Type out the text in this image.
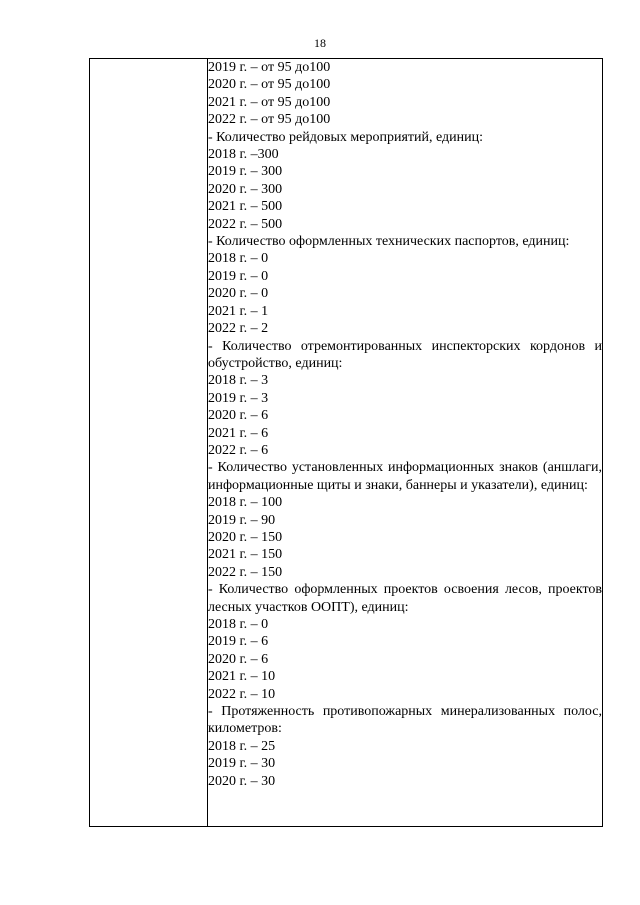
18

2019 г. – от 95 до100
2020 г. – от 95 до100
2021 г. – от 95 до100
2022 г. – от 95 до100
- Количество рейдовых мероприятий, единиц:
2018 г. –300
2019 г. – 300
2020 г. – 300
2021 г. – 500
2022 г. – 500
- Количество оформленных технических паспортов, единиц:
2018 г. – 0
2019 г. – 0
2020 г. – 0
2021 г. – 1
2022 г. – 2
- Количество отремонтированных инспекторских кордонов и обустройство, единиц:
2018 г. – 3
2019 г. – 3
2020 г. – 6
2021 г. – 6
2022 г. – 6
- Количество установленных информационных знаков (аншлаги, информационные щиты и знаки, баннеры и указатели), единиц:
2018 г. – 100
2019 г. – 90
2020 г. – 150
2021 г. – 150
2022 г. – 150
- Количество оформленных проектов освоения лесов, проектов лесных участков ООПТ), единиц:
2018 г. – 0
2019 г. – 6
2020 г. – 6
2021 г. – 10
2022 г. – 10
- Протяженность противопожарных минерализованных полос, километров:
2018 г. – 25
2019 г. – 30
2020 г. – 30
